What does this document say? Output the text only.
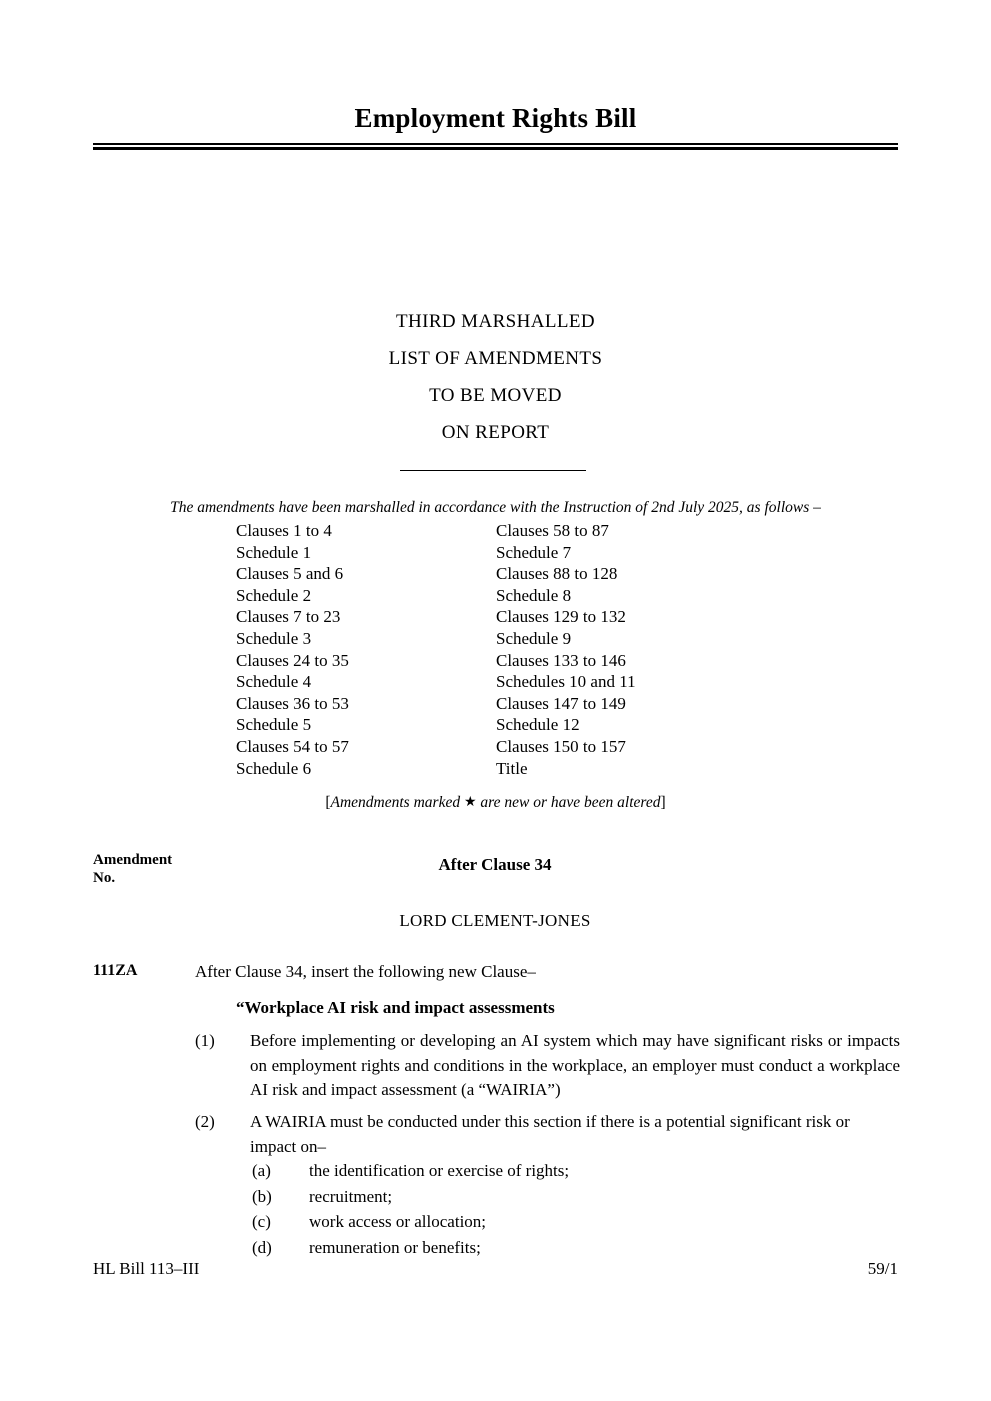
Employment Rights Bill
THIRD MARSHALLED
LIST OF AMENDMENTS
TO BE MOVED
ON REPORT
The amendments have been marshalled in accordance with the Instruction of 2nd July 2025, as follows –
Clauses 1 to 4
Schedule 1
Clauses 5 and 6
Schedule 2
Clauses 7 to 23
Schedule 3
Clauses 24 to 35
Schedule 4
Clauses 36 to 53
Schedule 5
Clauses 54 to 57
Schedule 6
Clauses 58 to 87
Schedule 7
Clauses 88 to 128
Schedule 8
Clauses 129 to 132
Schedule 9
Clauses 133 to 146
Schedules 10 and 11
Clauses 147 to 149
Schedule 12
Clauses 150 to 157
Title
[Amendments marked ★ are new or have been altered]
Amendment
No.
After Clause 34
LORD CLEMENT-JONES
111ZA	After Clause 34, insert the following new Clause–
“Workplace AI risk and impact assessments
(1)	Before implementing or developing an AI system which may have significant risks or impacts on employment rights and conditions in the workplace, an employer must conduct a workplace AI risk and impact assessment (a “WAIRIA”)
(2)	A WAIRIA must be conducted under this section if there is a potential significant risk or impact on–
(a)	the identification or exercise of rights;
(b)	recruitment;
(c)	work access or allocation;
(d)	remuneration or benefits;
HL Bill 113–III	59/1
